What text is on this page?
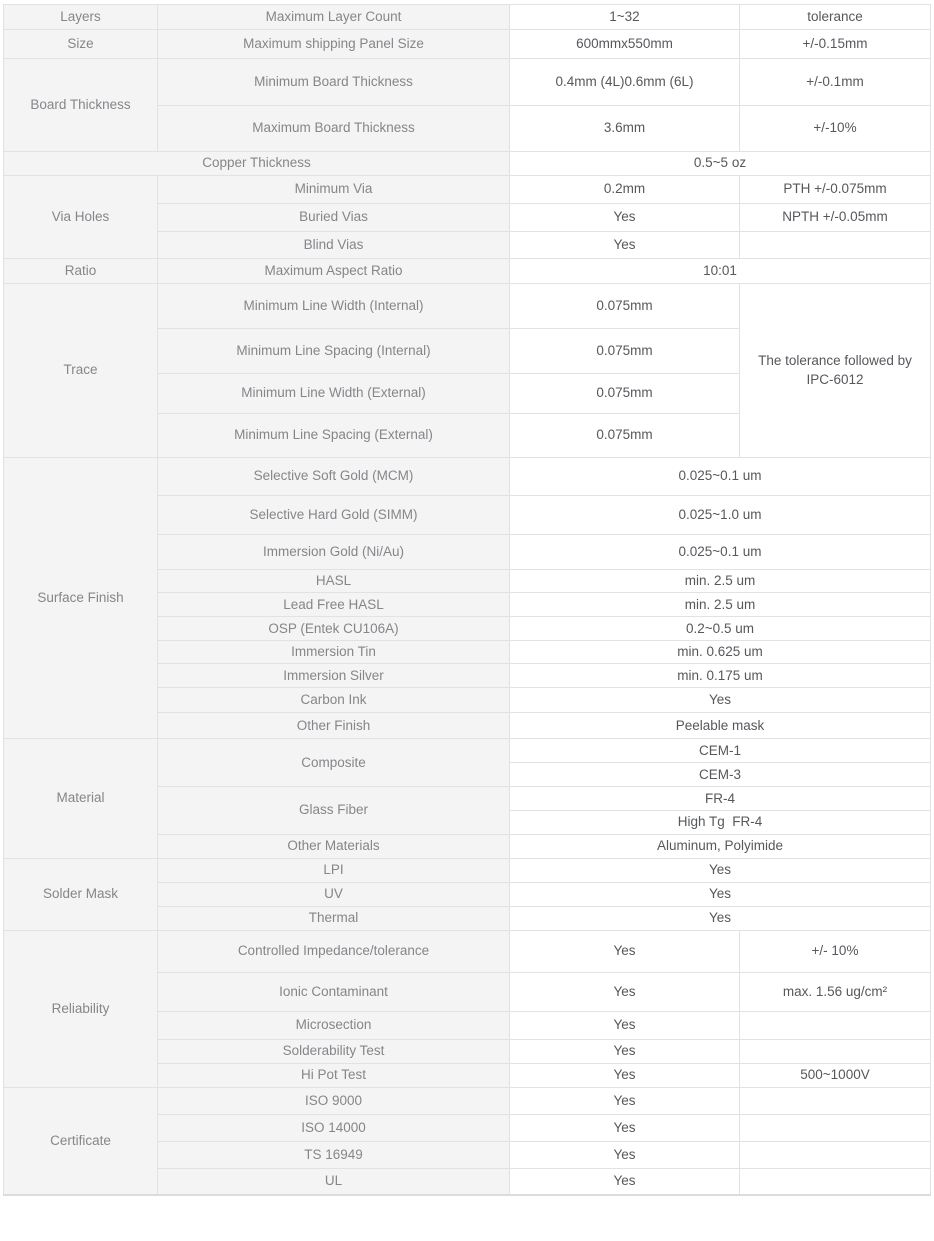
Layers	Maximum Layer Count	1~32	tolerance
Size	Maximum shipping Panel Size	600mmx550mm	+/-0.15mm
Board Thickness	Minimum Board Thickness	0.4mm (4L)0.6mm (6L)	+/-0.1mm
	Maximum Board Thickness	3.6mm	+/-10%
Copper Thickness		0.5~5 oz	
Via Holes	Minimum Via	0.2mm	PTH +/-0.075mm
	Buried Vias	Yes	NPTH +/-0.05mm
	Blind Vias	Yes	
Ratio	Maximum Aspect Ratio	10:01	
Trace	Minimum Line Width (Internal)	0.075mm	The tolerance followed by IPC-6012
	Minimum Line Spacing (Internal)	0.075mm	
	Minimum Line Width (External)	0.075mm	
	Minimum Line Spacing (External)	0.075mm	
Surface Finish	Selective Soft Gold (MCM)	0.025~0.1 um	
	Selective Hard Gold (SIMM)	0.025~1.0 um	
	Immersion Gold (Ni/Au)	0.025~0.1 um	
	HASL	min. 2.5 um	
	Lead Free HASL	min. 2.5 um	
	OSP (Entek CU106A)	0.2~0.5 um	
	Immersion Tin	min. 0.625 um	
	Immersion Silver	min. 0.175 um	
	Carbon Ink	Yes	
	Other Finish	Peelable mask	
Material	Composite	CEM-1	
		CEM-3	
	Glass Fiber	FR-4	
		High Tg  FR-4	
	Other Materials	Aluminum, Polyimide	
Solder Mask	LPI	Yes	
	UV	Yes	
	Thermal	Yes	
Reliability	Controlled Impedance/tolerance	Yes	+/- 10%
	Ionic Contaminant	Yes	max. 1.56 ug/cm²
	Microsection	Yes	
	Solderability Test	Yes	
	Hi Pot Test	Yes	500~1000V
Certificate	ISO 9000	Yes	
	ISO 14000	Yes	
	TS 16949	Yes	
	UL	Yes	
